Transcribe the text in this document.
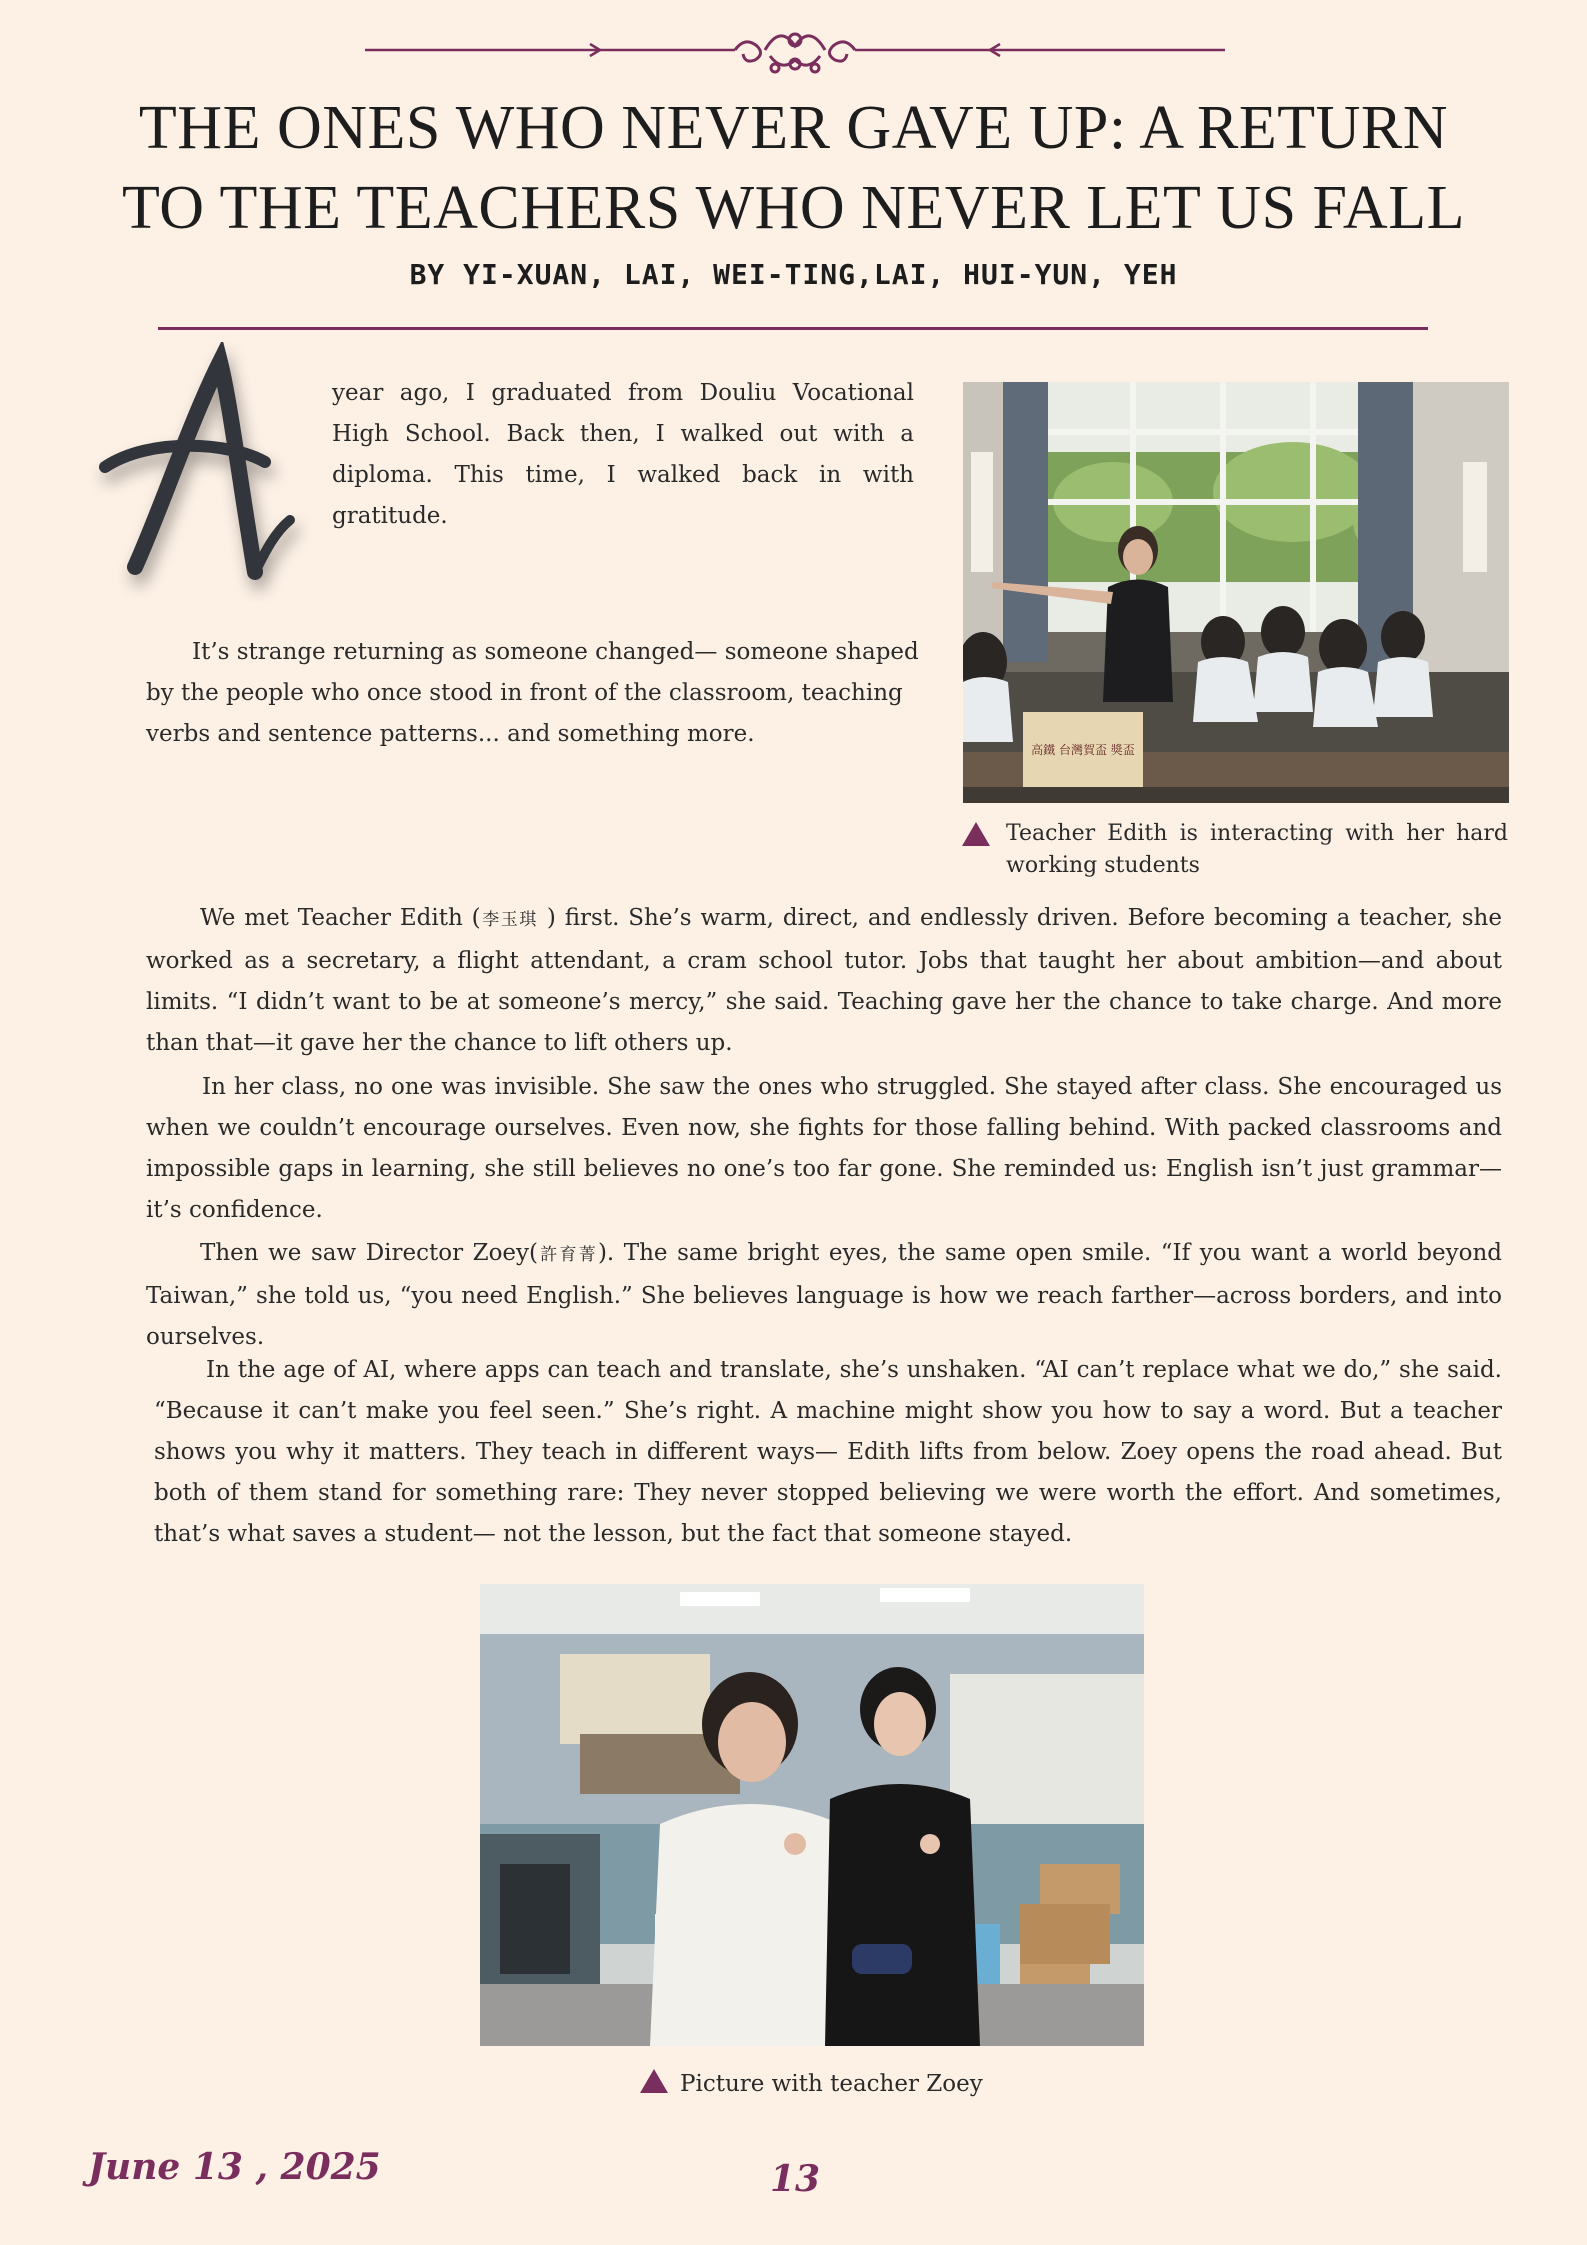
THE ONES WHO NEVER GAVE UP: A RETURN
TO THE TEACHERS WHO NEVER LET US FALL
BY YI-XUAN, LAI, WEI-TING,LAI, HUI-YUN, YEH

year ago, I graduated from Douliu Vocational High School. Back then, I walked out with a diploma. This time, I walked back in with gratitude.

It’s strange returning as someone changed— someone shaped by the people who once stood in front of the classroom, teaching verbs and sentence patterns... and something more.

高鐵 台灣賀盃 獎盃
Teacher Edith is interacting with her hard working students

We met Teacher Edith (李玉琪 ) first. She’s warm, direct, and endlessly driven. Before becoming a teacher, she worked as a secretary, a flight attendant, a cram school tutor. Jobs that taught her about ambition—and about limits. “I didn’t want to be at someone’s mercy,” she said. Teaching gave her the chance to take charge. And more than that—it gave her the chance to lift others up.

In her class, no one was invisible. She saw the ones who struggled. She stayed after class. She encouraged us when we couldn’t encourage ourselves. Even now, she fights for those falling behind. With packed classrooms and impossible gaps in learning, she still believes no one’s too far gone. She reminded us: English isn’t just grammar—it’s confidence.

Then we saw Director Zoey(許育菁). The same bright eyes, the same open smile. “If you want a world beyond Taiwan,” she told us, “you need English.” She believes language is how we reach farther—across borders, and into ourselves.

In the age of AI, where apps can teach and translate, she’s unshaken. “AI can’t replace what we do,” she said. “Because it can’t make you feel seen.” She’s right. A machine might show you how to say a word. But a teacher shows you why it matters. They teach in different ways— Edith lifts from below. Zoey opens the road ahead. But both of them stand for something rare: They never stopped believing we were worth the effort. And sometimes, that’s what saves a student— not the lesson, but the fact that someone stayed.

Picture with teacher Zoey
June 13 , 2025	13
